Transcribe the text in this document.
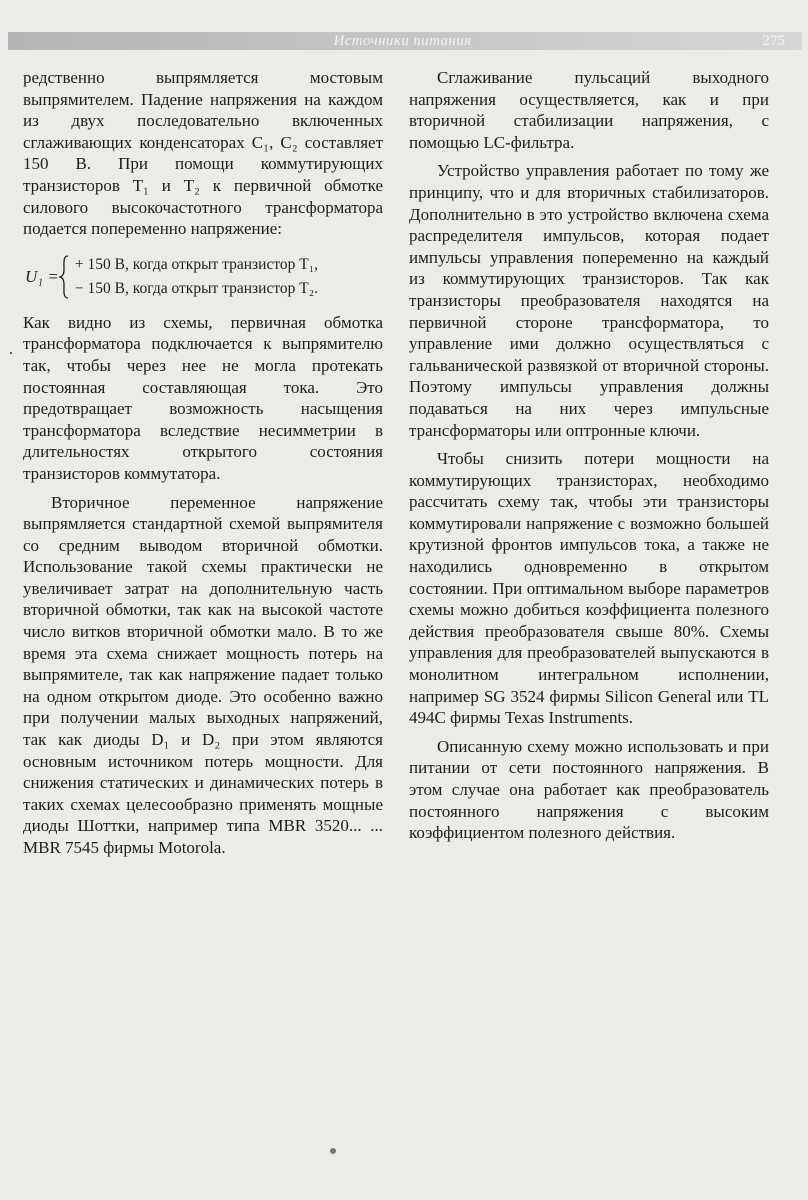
Источники питания	275

редственно выпрямляется мостовым выпрямителем. Падение напряжения на каждом из двух последовательно включенных сглаживающих конденсаторах C₁, C₂ составляет 150 В. При помощи коммутирующих транзисторов T₁ и T₂ к первичной обмотке силового высокочастотного трансформатора подается попеременно напряжение:

U₁ =
+ 150 В, когда открыт транзистор T₁,
− 150 В, когда открыт транзистор T₂.

Как видно из схемы, первичная обмотка трансформатора подключается к выпрямителю так, чтобы через нее не могла протекать постоянная составляющая тока. Это предотвращает возможность насыщения трансформатора вследствие несимметрии в длительностях открытого состояния транзисторов коммутатора.

Вторичное переменное напряжение выпрямляется стандартной схемой выпрямителя со средним выводом вторичной обмотки. Использование такой схемы практически не увеличивает затрат на дополнительную часть вторичной обмотки, так как на высокой частоте число витков вторичной обмотки мало. В то же время эта схема снижает мощность потерь на выпрямителе, так как напряжение падает только на одном открытом диоде. Это особенно важно при получении малых выходных напряжений, так как диоды D₁ и D₂ при этом являются основным источником потерь мощности. Для снижения статических и динамических потерь в таких схемах целесообразно применять мощные диоды Шоттки, например типа MBR 3520... ... MBR 7545 фирмы Motorola.

Сглаживание пульсаций выходного напряжения осуществляется, как и при вторичной стабилизации напряжения, с помощью LC-фильтра.

Устройство управления работает по тому же принципу, что и для вторичных стабилизаторов. Дополнительно в это устройство включена схема распределителя импульсов, которая подает импульсы управления попеременно на каждый из коммутирующих транзисторов. Так как транзисторы преобразователя находятся на первичной стороне трансформатора, то управление ими должно осуществляться с гальванической развязкой от вторичной стороны. Поэтому импульсы управления должны подаваться на них через импульсные трансформаторы или оптронные ключи.

Чтобы снизить потери мощности на коммутирующих транзисторах, необходимо рассчитать схему так, чтобы эти транзисторы коммутировали напряжение с возможно большей крутизной фронтов импульсов тока, а также не находились одновременно в открытом состоянии. При оптимальном выборе параметров схемы можно добиться коэффициента полезного действия преобразователя свыше 80%. Схемы управления для преобразователей выпускаются в монолитном интегральном исполнении, например SG 3524 фирмы Silicon General или TL 494C фирмы Texas Instruments.

Описанную схему можно использовать и при питании от сети постоянного напряжения. В этом случае она работает как преобразователь постоянного напряжения с высоким коэффициентом полезного действия.
